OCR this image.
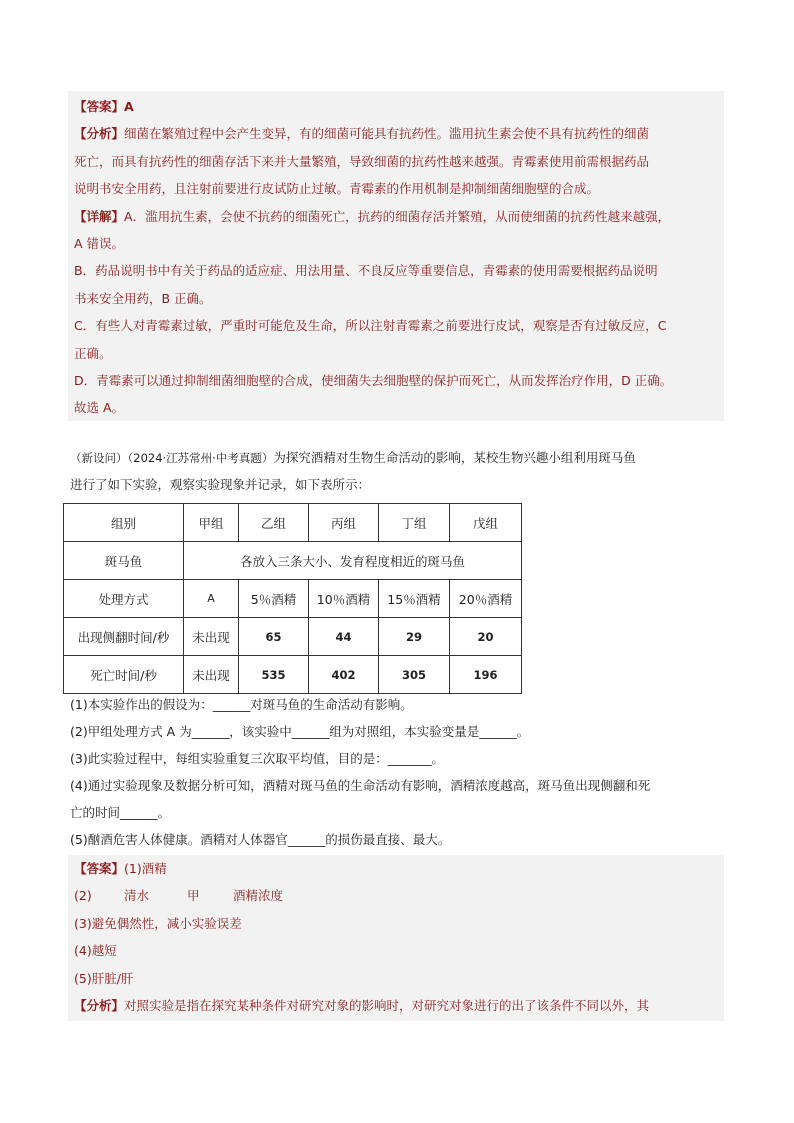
【答案】A
【分析】细菌在繁殖过程中会产生变异，有的细菌可能具有抗药性。滥用抗生素会使不具有抗药性的细菌
死亡，而具有抗药性的细菌存活下来并大量繁殖，导致细菌的抗药性越来越强。青霉素使用前需根据药品
说明书安全用药，且注射前要进行皮试防止过敏。青霉素的作用机制是抑制细菌细胞壁的合成。
【详解】A．滥用抗生素，会使不抗药的细菌死亡，抗药的细菌存活并繁殖，从而使细菌的抗药性越来越强，
A 错误。
B．药品说明书中有关于药品的适应症、用法用量、不良反应等重要信息，青霉素的使用需要根据药品说明
书来安全用药，B 正确。
C．有些人对青霉素过敏，严重时可能危及生命，所以注射青霉素之前要进行皮试，观察是否有过敏反应，C
正确。
D．青霉素可以通过抑制细菌细胞壁的合成，使细菌失去细胞壁的保护而死亡，从而发挥治疗作用，D 正确。
故选 A。
（新设问）（2024·江苏常州·中考真题）为探究酒精对生物生命活动的影响，某校生物兴趣小组利用斑马鱼
进行了如下实验，观察实验现象并记录，如下表所示：
组别	甲组	乙组	丙组	丁组	戊组
斑马鱼	各放入三条大小、发育程度相近的斑马鱼				
处理方式	A	5％酒精	10％酒精	15％酒精	20％酒精
出现侧翻时间/秒	未出现	65	44	29	20
死亡时间/秒	未出现	535	402	305	196
(1)本实验作出的假设为：______对斑马鱼的生命活动有影响。
(2)甲组处理方式 A 为______，该实验中______组为对照组，本实验变量是______。
(3)此实验过程中，每组实验重复三次取平均值，目的是：_______。
(4)通过实验现象及数据分析可知，酒精对斑马鱼的生命活动有影响，酒精浓度越高，斑马鱼出现侧翻和死
亡的时间______。
(5)酗酒危害人体健康。酒精对人体器官______的损伤最直接、最大。
【答案】(1)酒精
(2)	清水	甲	酒精浓度
(3)避免偶然性，减小实验误差
(4)越短
(5)肝脏/肝
【分析】对照实验是指在探究某种条件对研究对象的影响时，对研究对象进行的出了该条件不同以外，其
